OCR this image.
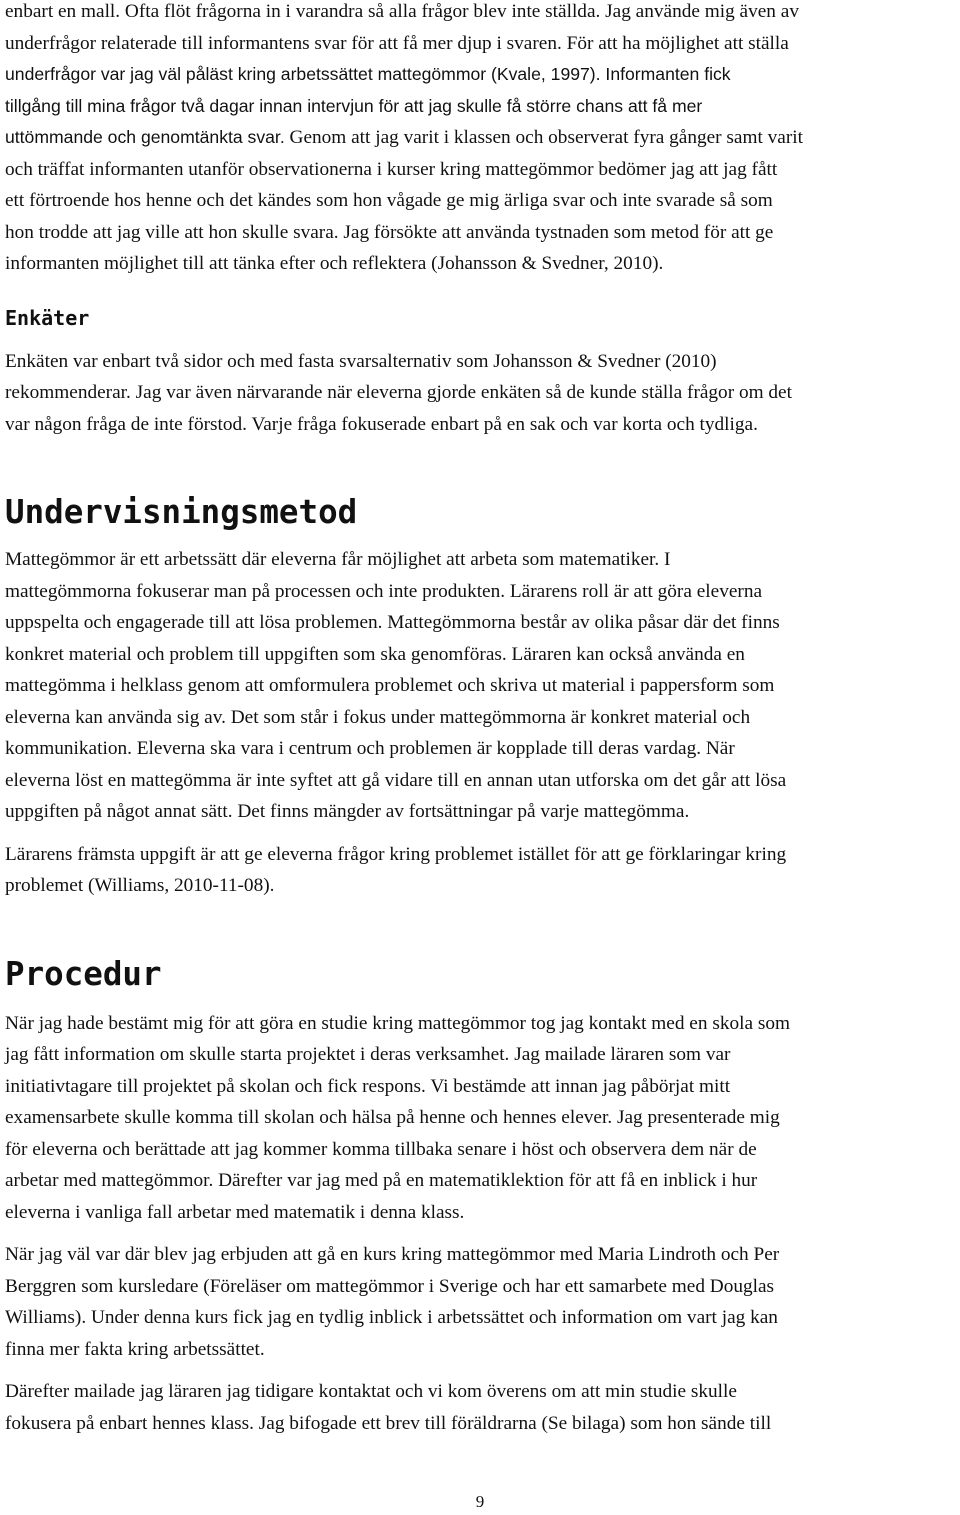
enbart en mall. Ofta flöt frågorna in i varandra så alla frågor blev inte ställda. Jag använde mig även av
underfrågor relaterade till informantens svar för att få mer djup i svaren. För att ha möjlighet att ställa
underfrågor var jag väl påläst kring arbetssättet mattegömmor (Kvale, 1997). Informanten fick
tillgång till mina frågor två dagar innan intervjun för att jag skulle få större chans att få mer
uttömmande och genomtänkta svar. Genom att jag varit i klassen och observerat fyra gånger samt varit
och träffat informanten utanför observationerna i kurser kring mattegömmor bedömer jag att jag fått
ett förtroende hos henne och det kändes som hon vågade ge mig ärliga svar och inte svarade så som
hon trodde att jag ville att hon skulle svara. Jag försökte att använda tystnaden som metod för att ge
informanten möjlighet till att tänka efter och reflektera (Johansson & Svedner, 2010).
Enkäter
Enkäten var enbart två sidor och med fasta svarsalternativ som Johansson & Svedner (2010)
rekommenderar. Jag var även närvarande när eleverna gjorde enkäten så de kunde ställa frågor om det
var någon fråga de inte förstod. Varje fråga fokuserade enbart på en sak och var korta och tydliga.
Undervisningsmetod
Mattegömmor är ett arbetssätt där eleverna får möjlighet att arbeta som matematiker. I
mattegömmorna fokuserar man på processen och inte produkten. Lärarens roll är att göra eleverna
uppspelta och engagerade till att lösa problemen. Mattegömmorna består av olika påsar där det finns
konkret material och problem till uppgiften som ska genomföras. Läraren kan också använda en
mattegömma i helklass genom att omformulera problemet och skriva ut material i pappersform som
eleverna kan använda sig av. Det som står i fokus under mattegömmorna är konkret material och
kommunikation. Eleverna ska vara i centrum och problemen är kopplade till deras vardag. När
eleverna löst en mattegömma är inte syftet att gå vidare till en annan utan utforska om det går att lösa
uppgiften på något annat sätt. Det finns mängder av fortsättningar på varje mattegömma.
Lärarens främsta uppgift är att ge eleverna frågor kring problemet istället för att ge förklaringar kring
problemet (Williams, 2010-11-08).
Procedur
När jag hade bestämt mig för att göra en studie kring mattegömmor tog jag kontakt med en skola som
jag fått information om skulle starta projektet i deras verksamhet. Jag mailade läraren som var
initiativtagare till projektet på skolan och fick respons. Vi bestämde att innan jag påbörjat mitt
examensarbete skulle komma till skolan och hälsa på henne och hennes elever. Jag presenterade mig
för eleverna och berättade att jag kommer komma tillbaka senare i höst och observera dem när de
arbetar med mattegömmor. Därefter var jag med på en matematiklektion för att få en inblick i hur
eleverna i vanliga fall arbetar med matematik i denna klass.
När jag väl var där blev jag erbjuden att gå en kurs kring mattegömmor med Maria Lindroth och Per
Berggren som kursledare (Föreläser om mattegömmor i Sverige och har ett samarbete med Douglas
Williams). Under denna kurs fick jag en tydlig inblick i arbetssättet och information om vart jag kan
finna mer fakta kring arbetssättet.
Därefter mailade jag läraren jag tidigare kontaktat och vi kom överens om att min studie skulle
fokusera på enbart hennes klass. Jag bifogade ett brev till föräldrarna (Se bilaga) som hon sände till
9
